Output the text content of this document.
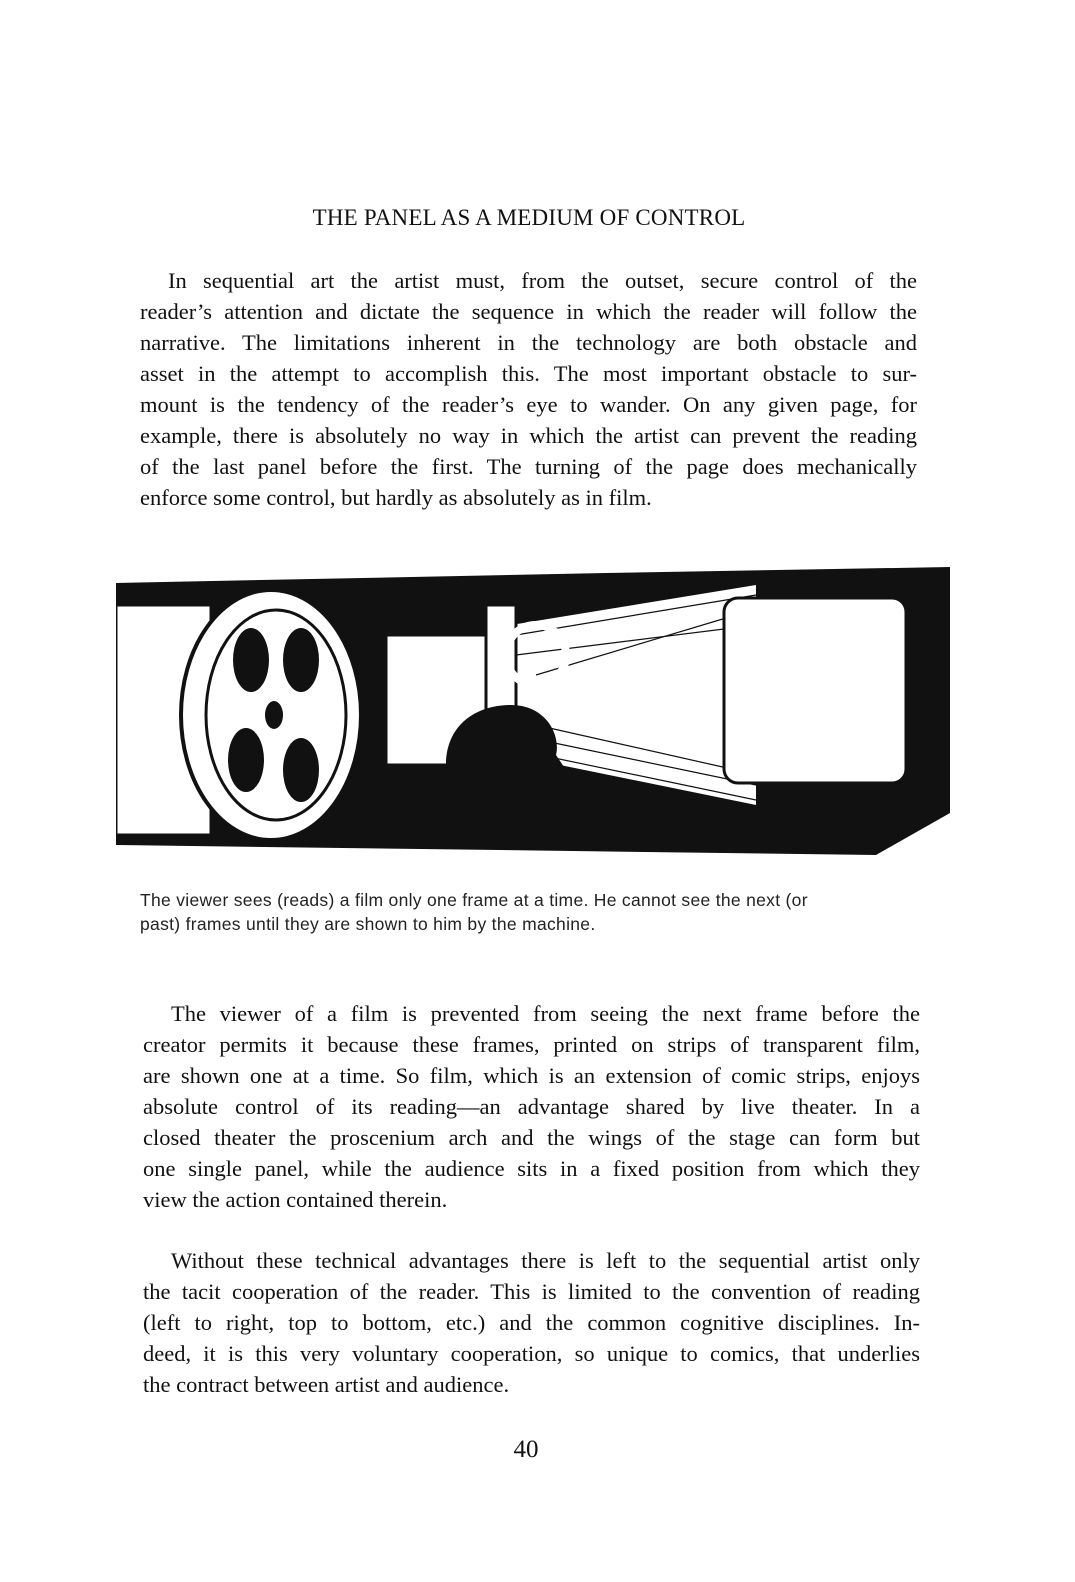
THE PANEL AS A MEDIUM OF CONTROL
In sequential art the artist must, from the outset, secure control of the
reader’s attention and dictate the sequence in which the reader will follow the
narrative. The limitations inherent in the technology are both obstacle and
asset in the attempt to accomplish this. The most important obstacle to sur-
mount is the tendency of the reader’s eye to wander. On any given page, for
example, there is absolutely no way in which the artist can prevent the reading
of the last panel before the first. The turning of the page does mechanically
enforce some control, but hardly as absolutely as in film.
The viewer sees (reads) a film only one frame at a time. He cannot see the next (or
past) frames until they are shown to him by the machine.
The viewer of a film is prevented from seeing the next frame before the
creator permits it because these frames, printed on strips of transparent film,
are shown one at a time. So film, which is an extension of comic strips, enjoys
absolute control of its reading—an advantage shared by live theater. In a
closed theater the proscenium arch and the wings of the stage can form but
one single panel, while the audience sits in a fixed position from which they
view the action contained therein.
Without these technical advantages there is left to the sequential artist only
the tacit cooperation of the reader. This is limited to the convention of reading
(left to right, top to bottom, etc.) and the common cognitive disciplines. In-
deed, it is this very voluntary cooperation, so unique to comics, that underlies
the contract between artist and audience.
40
